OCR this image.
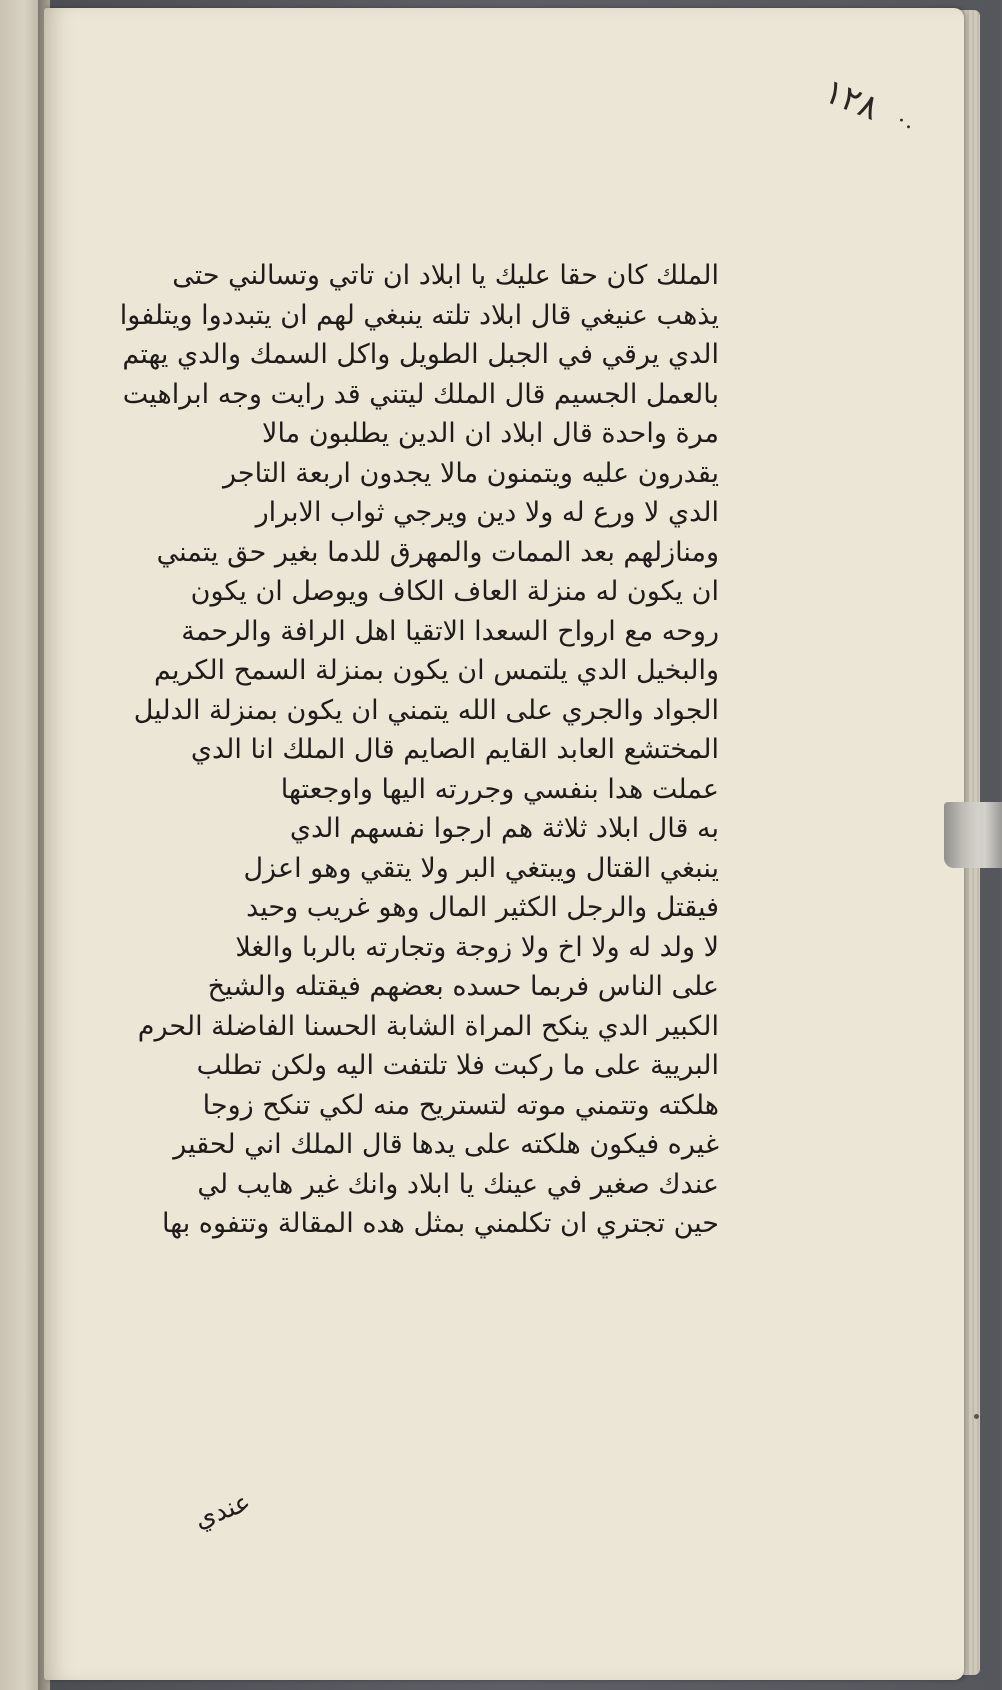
١٢٨ ·.
الملك كان حقا عليك يا ابلاد ان تاتي وتسالني حتى
يذهب عنيغي قال ابلاد تلته ينبغي لهم ان يتبددوا ويتلفوا
الدي يرقي في الجبل الطويل واكل السمك والدي يهتم
بالعمل الجسيم قال الملك ليتني قد رايت وجه ابراهيت
مرة واحدة قال ابلاد ان الدين يطلبون مالا
يقدرون عليه ويتمنون مالا يجدون اربعة التاجر
الدي لا ورع له ولا دين ويرجي ثواب الابرار
ومنازلهم بعد الممات والمهرق للدما بغير حق يتمني
ان يكون له منزلة العاف الكاف ويوصل ان يكون
روحه مع ارواح السعدا الاتقيا اهل الرافة والرحمة
والبخيل الدي يلتمس ان يكون بمنزلة السمح الكريم
الجواد والجري على الله يتمني ان يكون بمنزلة الدليل
المختشع العابد القايم الصايم قال الملك انا الدي
عملت هدا بنفسي وجررته اليها واوجعتها
به قال ابلاد ثلاثة هم ارجوا نفسهم الدي
ينبغي القتال ويبتغي البر ولا يتقي وهو اعزل
فيقتل والرجل الكثير المال وهو غريب وحيد
لا ولد له ولا اخ ولا زوجة وتجارته بالربا والغلا
على الناس فربما حسده بعضهم فيقتله والشيخ
الكبير الدي ينكح المراة الشابة الحسنا الفاضلة الحرم
البريية على ما ركبت فلا تلتفت اليه ولكن تطلب
هلكته وتتمني موته لتستريح منه لكي تنكح زوجا
غيره فيكون هلكته على يدها قال الملك اني لحقير
عندك صغير في عينك يا ابلاد وانك غير هايب لي
حين تجتري ان تكلمني بمثل هده المقالة وتتفوه بها
عندي
